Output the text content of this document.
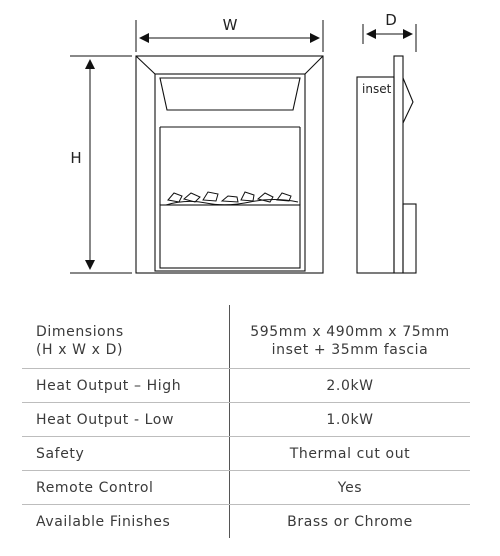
W
H
inset
D

Dimensions
(H x W x D)	595mm x 490mm x 75mm
inset + 35mm fascia

Heat Output – High	2.0kW
Heat Output - Low	1.0kW
Safety	Thermal cut out
Remote Control	Yes
Available Finishes	Brass or Chrome
